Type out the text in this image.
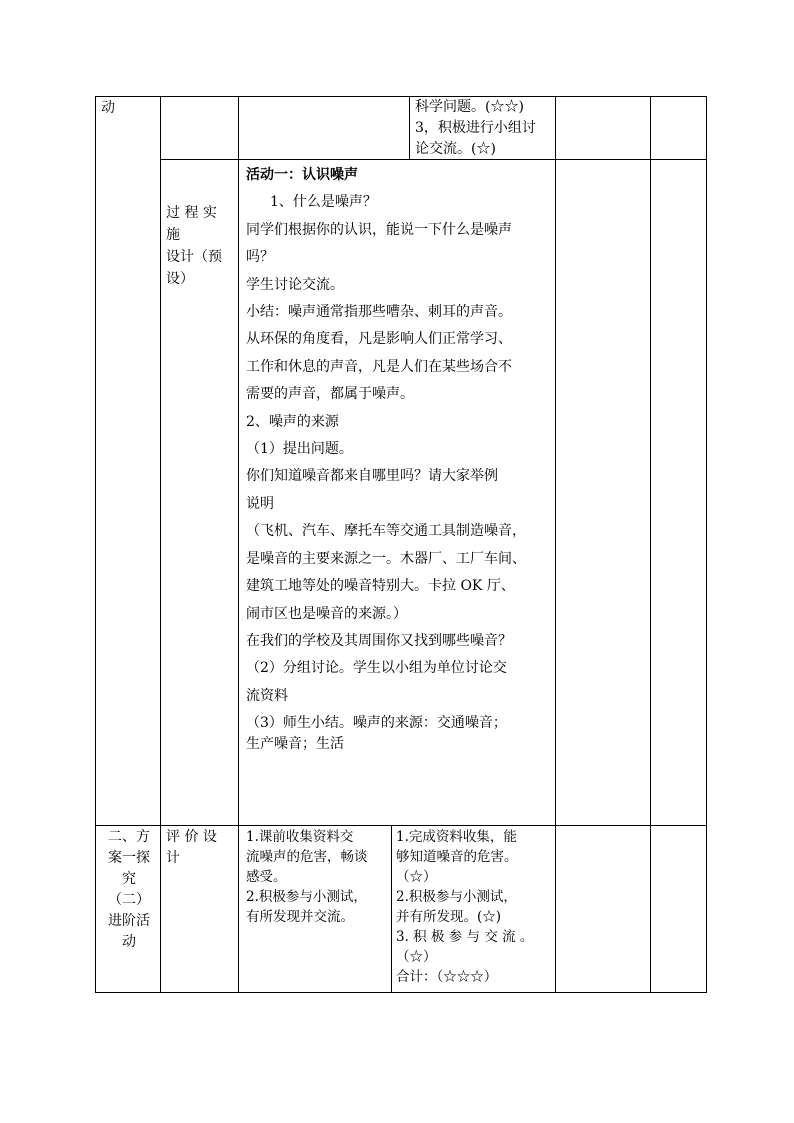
动	科学问题。(☆☆)

3，积极进行小组讨

论交流。(☆)

过 程 实

施

设计（预

设）

活动一：认识噪声

1、什么是噪声？

同学们根据你的认识，能说一下什么是噪声

吗？

学生讨论交流。

小结：噪声通常指那些嘈杂、刺耳的声音。

从环保的角度看，凡是影响人们正常学习、

工作和休息的声音，凡是人们在某些场合不

需要的声音，都属于噪声。

2、噪声的来源

（1）提出问题。

你们知道噪音都来自哪里吗？请大家举例

说明

（飞机、汽车、摩托车等交通工具制造噪音，

是噪音的主要来源之一。木器厂、工厂车间、

建筑工地等处的噪音特别大。卡拉 OK 厅、

闹市区也是噪音的来源。）

在我们的学校及其周围你又找到哪些噪音？

（2）分组讨论。学生以小组为单位讨论交

流资料

（3）师生小结。噪声的来源：交通噪音；

生产噪音；生活

二、方

案一探

究

（二）

进阶活

动

评 价 设

计

1.课前收集资料交

流噪声的危害，畅谈

感受。

2.积极参与小测试，

有所发现并交流。

1.完成资料收集，能

够知道噪音的危害。

（☆）

2.积极参与小测试，

并有所发现。(☆)

3. 积 极 参 与 交 流 。

（☆）

合计：（☆☆☆）
